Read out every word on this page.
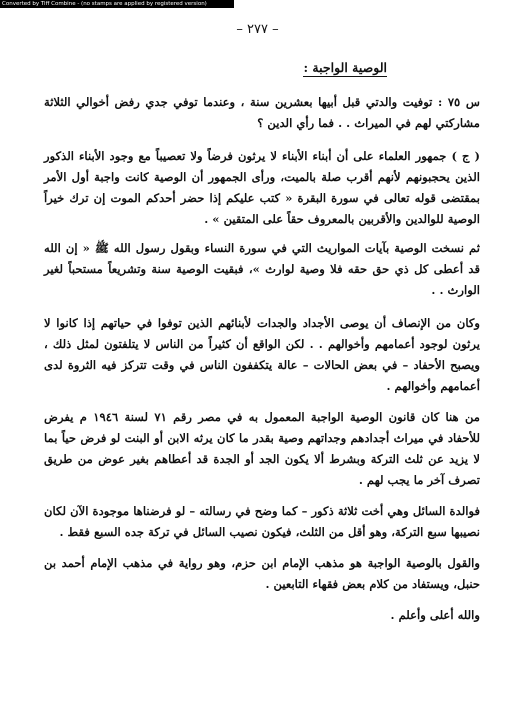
Converted by Tiff Combine - (no stamps are applied by registered version)
– ٢٧٧ –
الوصية الواجبة :

س ٧٥ : توفيت والدتي قبل أبيها بعشرين سنة ، وعندما توفي جدي رفض أخوالي الثلاثة مشاركتي لهم في الميراث . . فما رأي الدين ؟

( ج ) جمهور العلماء على أن أبناء الأبناء لا يرثون فرضاً ولا تعصيباً مع وجود الأبناء الذكور الذين يحجبونهم لأنهم أقرب صلة بالميت، ورأى الجمهور أن الوصية كانت واجبة أول الأمر بمقتضى قوله تعالى في سورة البقرة « كتب عليكم إذا حضر أحدكم الموت إن ترك خيراً الوصية للوالدين والأقربين بالمعروف حقاً على المتقين » .

ثم نسخت الوصية بآيات المواريث التي في سورة النساء وبقول رسول الله ﷺ « إن الله قد أعطى كل ذي حق حقه فلا وصية لوارث »، فبقيت الوصية سنة وتشريعاً مستحباً لغير الوارث . .

وكان من الإنصاف أن يوصى الأجداد والجدات لأبنائهم الذين توفوا في حياتهم إذا كانوا لا يرثون لوجود أعمامهم وأخوالهم . . لكن الواقع أن كثيراً من الناس لا يتلفتون لمثل ذلك ، ويصبح الأحفاد – في بعض الحالات – عالة يتكففون الناس في وقت تتركز فيه الثروة لدى أعمامهم وأخوالهم .

من هنا كان قانون الوصية الواجبة المعمول به في مصر رقم ٧١ لسنة ١٩٤٦ م يفرض للأحفاد في ميراث أجدادهم وجداتهم وصية بقدر ما كان يرثه الابن أو البنت لو فرض حياً بما لا يزيد عن ثلث التركة وبشرط ألا يكون الجد أو الجدة قد أعطاهم بغير عوض من طريق تصرف آخر ما يجب لهم .

فوالدة السائل وهي أخت ثلاثة ذكور – كما وضح في رسالته – لو فرضناها موجودة الآن لكان نصيبها سبع التركة، وهو أقل من الثلث، فيكون نصيب السائل في تركة جده السبع فقط .

والقول بالوصية الواجبة هو مذهب الإمام ابن حزم، وهو رواية في مذهب الإمام أحمد بن حنبل، ويستفاد من كلام بعض فقهاء التابعين .

والله أعلى وأعلم .
